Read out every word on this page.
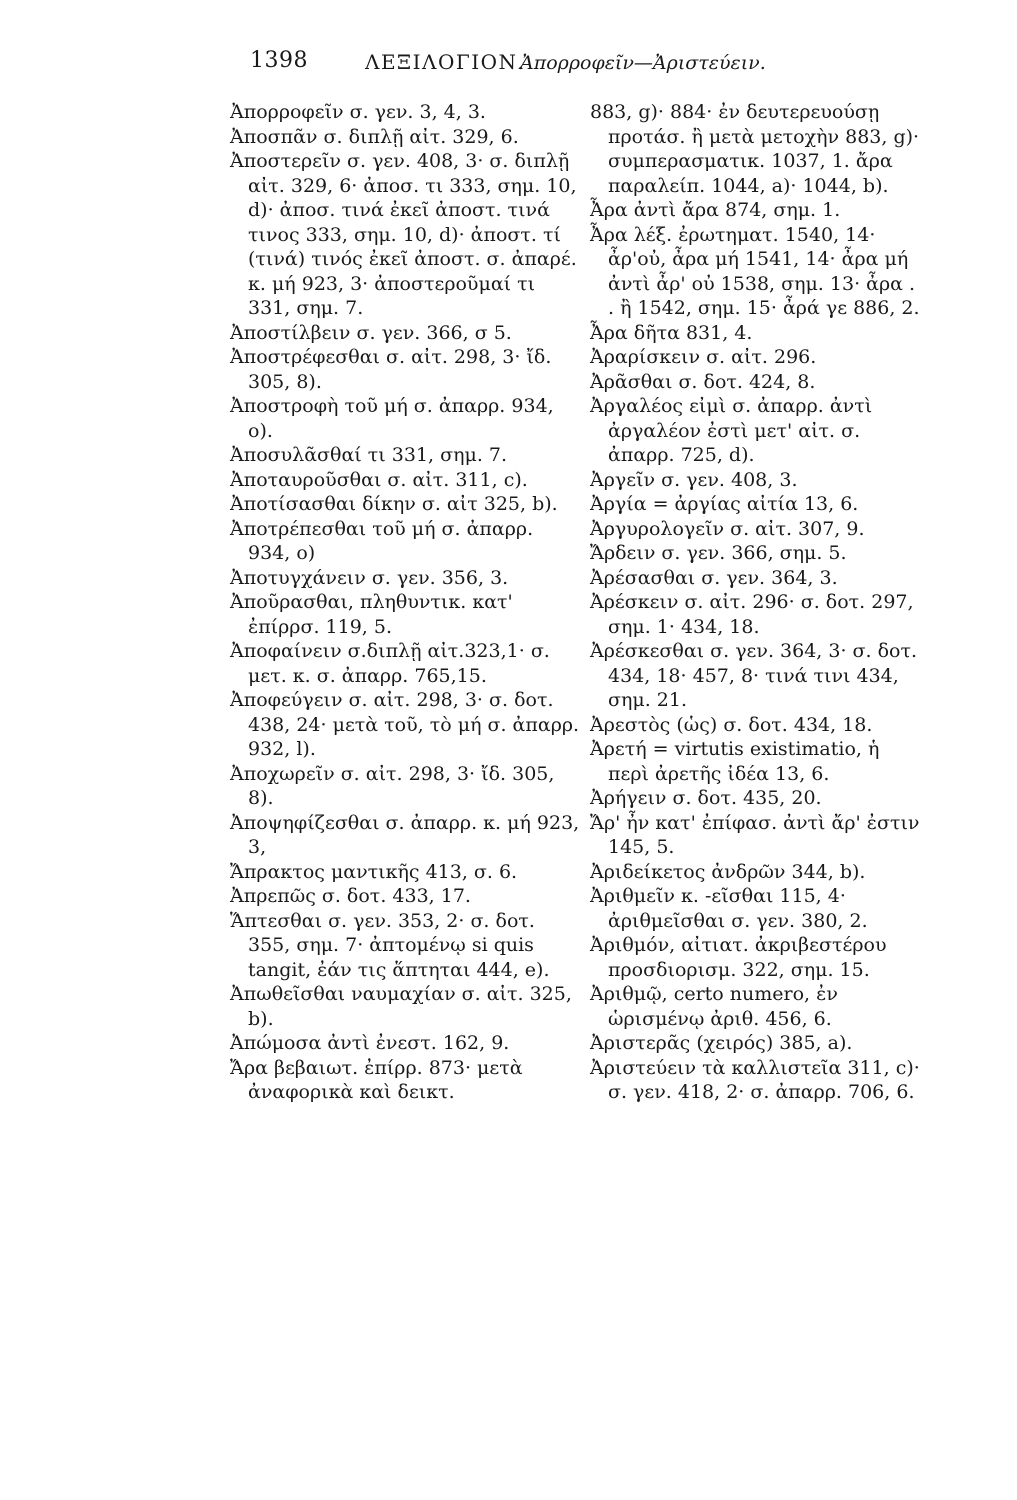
1398	ΛΕΞΙΛΟΓΙΟΝ.
Ἀπορροφεῖν—Ἀριστεύειν.

Ἀπορροφεῖν σ. γεν. 3, 4, 3.

Ἀποσπᾶν σ. διπλῇ αἰτ. 329, 6.

Ἀποστερεῖν σ. γεν. 408, 3· σ. διπλῇ αἰτ. 329, 6· ἀποσ. τι 333, σημ. 10, d)· ἀποσ. τινά ἐκεῖ ἀποστ. τινά τινος 333, σημ. 10, d)· ἀποστ. τί (τινά) τινός ἐκεῖ ἀποστ. σ. ἀπαρέ. κ. μή 923, 3· ἀποστεροῦμαί τι 331, σημ. 7.

Ἀποστίλβειν σ. γεν. 366, σ 5.

Ἀποστρέφεσθαι σ. αἰτ. 298, 3· ἴδ. 305, 8).

Ἀποστροφὴ τοῦ μή σ. ἀπαρρ. 934, o).

Ἀποσυλᾶσθαί τι 331, σημ. 7.

Ἀποταυροῦσθαι σ. αἰτ. 311, c).

Ἀποτίσασθαι δίκην σ. αἰτ 325, b).

Ἀποτρέπεσθαι τοῦ μή σ. ἀπαρρ. 934, o)

Ἀποτυγχάνειν σ. γεν. 356, 3.

Ἀποῦρασθαι, πληθυντικ. κατ' ἐπίρρσ. 119, 5.

Ἀποφαίνειν σ.διπλῇ αἰτ.323,1· σ. μετ. κ. σ. ἀπαρρ. 765,15.

Ἀποφεύγειν σ. αἰτ. 298, 3· σ. δοτ. 438, 24· μετὰ τοῦ, τὸ μή σ. ἀπαρρ. 932, l).

Ἀποχωρεῖν σ. αἰτ. 298, 3· ἴδ. 305, 8).

Ἀποψηφίζεσθαι σ. ἀπαρρ. κ. μή 923, 3,

Ἄπρακτος μαντικῆς 413, σ. 6.

Ἀπρεπῶς σ. δοτ. 433, 17.

Ἅπτεσθαι σ. γεν. 353, 2· σ. δοτ. 355, σημ. 7· ἀπτομένῳ si quis tangit, ἐάν τις ἅπτηται 444, e).

Ἀπωθεῖσθαι ναυμαχίαν σ. αἰτ. 325, b).

Ἀπώμοσα ἀντὶ ἐνεστ. 162, 9.

Ἄρα βεβαιωτ. ἐπίρρ. 873· μετὰ ἀναφορικὰ καὶ δεικτ.

883, g)· 884· ἐν δευτερευούσῃ προτάσ. ἢ μετὰ μετοχὴν 883, g)· συμπερασματικ. 1037, 1. ἄρα παραλείπ. 1044, a)· 1044, b).

Ἆρα ἀντὶ ἄρα 874, σημ. 1.

Ἆρα λέξ. ἐρωτηματ. 1540, 14· ἆρ'οὐ, ἆρα μή 1541, 14· ἆρα μή ἀντὶ ἆρ' οὐ 1538, σημ. 13· ἆρα . . ἢ 1542, σημ. 15· ἆρά γε 886, 2.

Ἆρα δῆτα 831, 4.

Ἀραρίσκειν σ. αἰτ. 296.

Ἀρᾶσθαι σ. δοτ. 424, 8.

Ἀργαλέος εἰμὶ σ. ἀπαρρ. ἀντὶ ἀργαλέον ἐστὶ μετ' αἰτ. σ. ἀπαρρ. 725, d).

Ἀργεῖν σ. γεν. 408, 3.

Ἀργία = ἀργίας αἰτία 13, 6.

Ἀργυρολογεῖν σ. αἰτ. 307, 9.

Ἄρδειν σ. γεν. 366, σημ. 5.

Ἀρέσασθαι σ. γεν. 364, 3.

Ἀρέσκειν σ. αἰτ. 296· σ. δοτ. 297, σημ. 1· 434, 18.

Ἀρέσκεσθαι σ. γεν. 364, 3· σ. δοτ. 434, 18· 457, 8· τινά τινι 434, σημ. 21.

Ἀρεστὸς (ὡς) σ. δοτ. 434, 18.

Ἀρετή = virtutis existimatio, ἡ περὶ ἀρετῆς ἰδέα 13, 6.

Ἀρήγειν σ. δοτ. 435, 20.

Ἄρ' ἦν κατ' ἐπίφασ. ἀντὶ ἄρ' ἐστιν 145, 5.

Ἀριδείκετος ἀνδρῶν 344, b).

Ἀριθμεῖν κ. -εῖσθαι 115, 4· ἀριθμεῖσθαι σ. γεν. 380, 2.

Ἀριθμόν, αἰτιατ. ἀκριβεστέρου προσδιορισμ. 322, σημ. 15.

Ἀριθμῷ, certo numero, ἐν ὡρισμένῳ ἀριθ. 456, 6.

Ἀριστερᾶς (χειρός) 385, a).

Ἀριστεύειν τὰ καλλιστεῖα 311, c)· σ. γεν. 418, 2· σ. ἀπαρρ. 706, 6.
